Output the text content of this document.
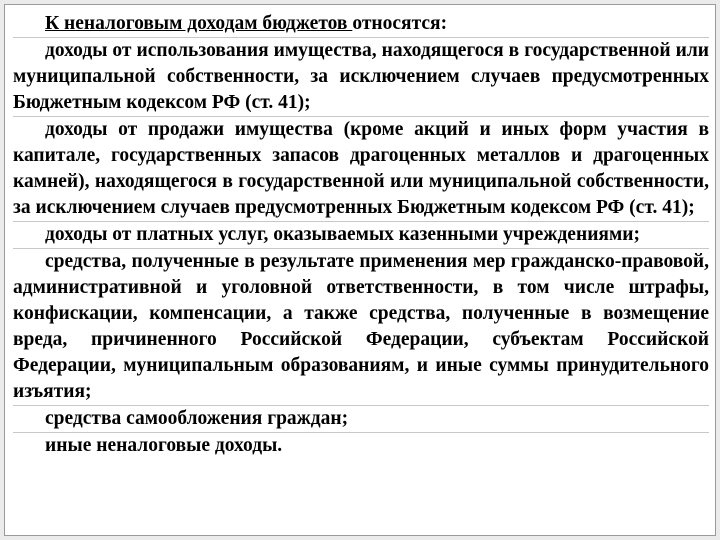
К неналоговым доходам бюджетов относятся:

доходы от использования имущества, находящегося в государственной или муниципальной собственности, за исключением случаев предусмотренных Бюджетным кодексом РФ (ст. 41);

доходы от продажи имущества (кроме акций и иных форм участия в капитале, государственных запасов драгоценных металлов и драгоценных камней), находящегося в государственной или муниципальной собственности, за исключением случаев предусмотренных Бюджетным кодексом РФ (ст. 41);

доходы от платных услуг, оказываемых казенными учреждениями;

средства, полученные в результате применения мер гражданско-правовой, административной и уголовной ответственности, в том числе штрафы, конфискации, компенсации, а также средства, полученные в возмещение вреда, причиненного Российской Федерации, субъектам Российской Федерации, муниципальным образованиям, и иные суммы принудительного изъятия;

средства самообложения граждан;

иные неналоговые доходы.
